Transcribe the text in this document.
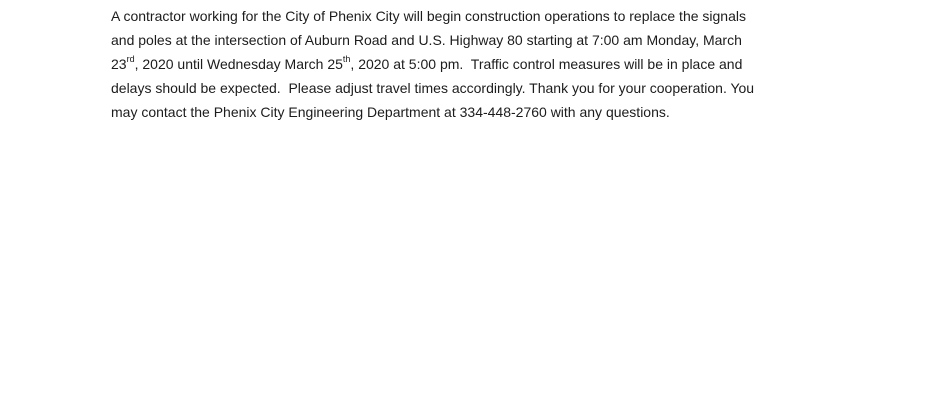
A contractor working for the City of Phenix City will begin construction operations to replace the signals
and poles at the intersection of Auburn Road and U.S. Highway 80 starting at 7:00 am Monday, March
23rd, 2020 until Wednesday March 25th, 2020 at 5:00 pm.  Traffic control measures will be in place and
delays should be expected.  Please adjust travel times accordingly. Thank you for your cooperation. You
may contact the Phenix City Engineering Department at 334-448-2760 with any questions.
